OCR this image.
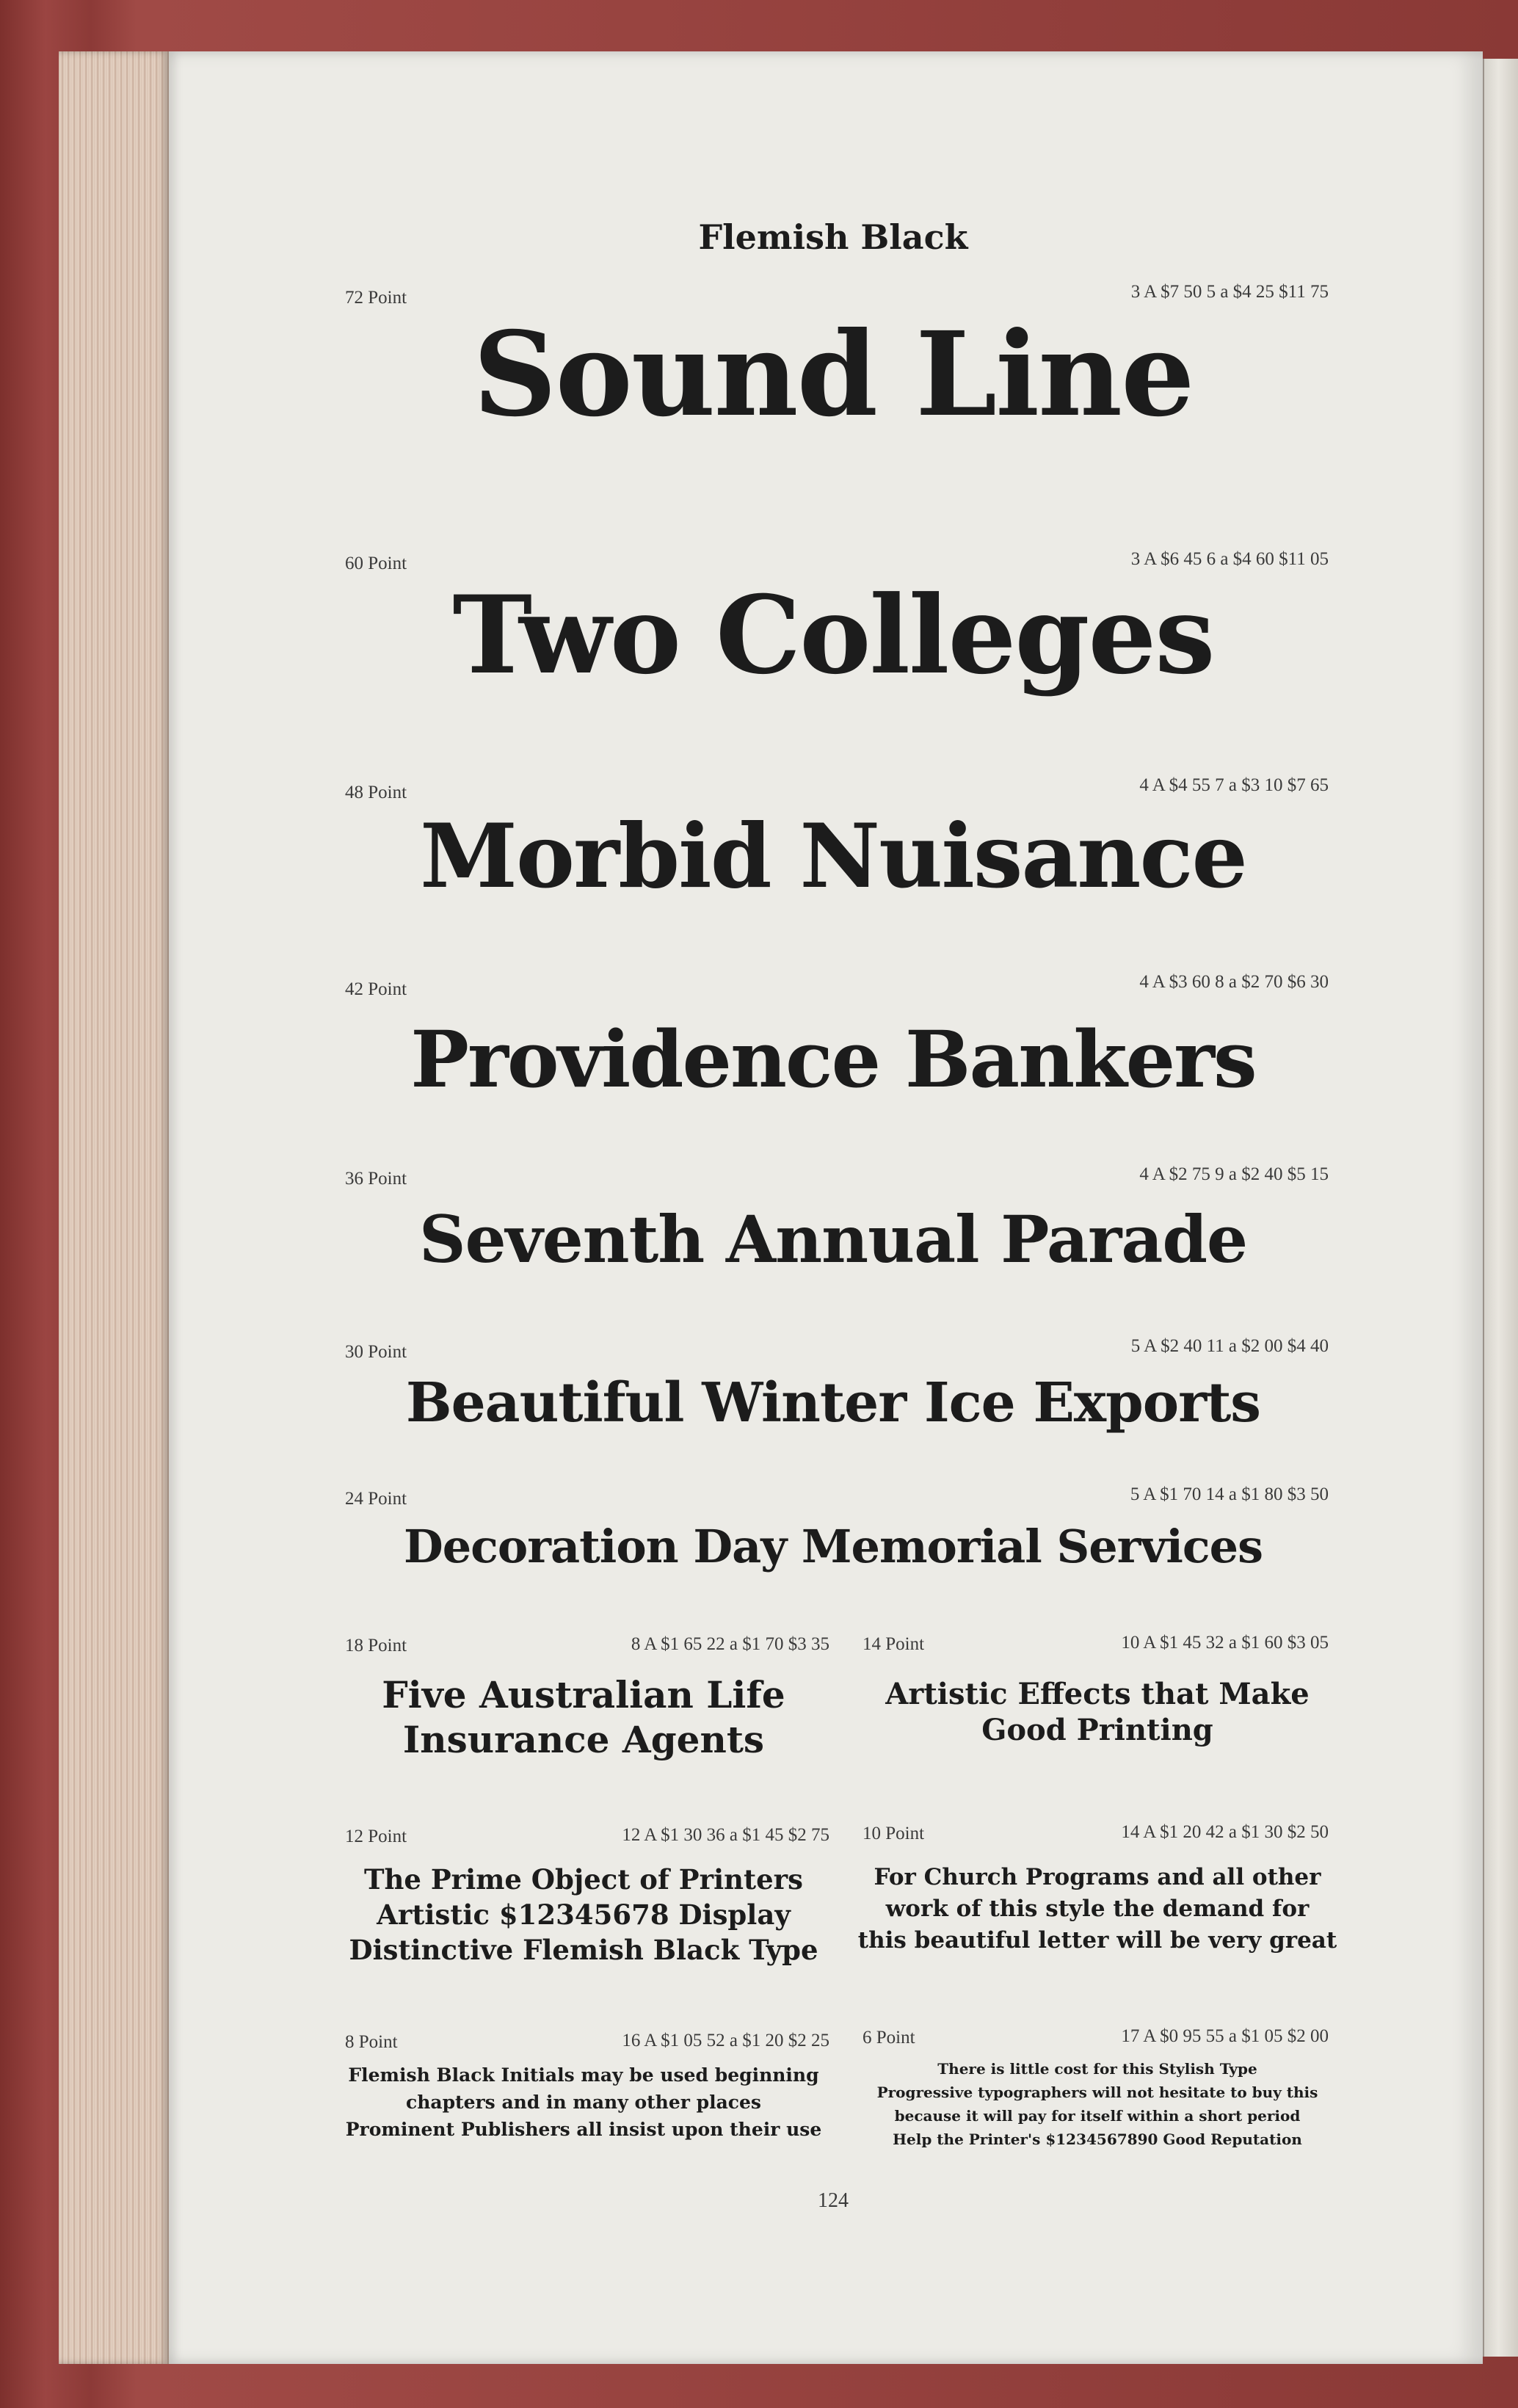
Flemish Black
72 Point	3 A $7 50 5 a $4 25 $11 75
Sound Line
60 Point	3 A $6 45 6 a $4 60 $11 05
Two Colleges
48 Point	4 A $4 55 7 a $3 10 $7 65
Morbid Nuisance
42 Point	4 A $3 60 8 a $2 70 $6 30
Providence Bankers
36 Point	4 A $2 75 9 a $2 40 $5 15
Seventh Annual Parade
30 Point	5 A $2 40 11 a $2 00 $4 40
Beautiful Winter Ice Exports
24 Point	5 A $1 70 14 a $1 80 $3 50
Decoration Day Memorial Services
18 Point	8 A $1 65 22 a $1 70 $3 35
Five Australian Life
Insurance Agents
14 Point	10 A $1 45 32 a $1 60 $3 05
Artistic Effects that Make
Good Printing
12 Point	12 A $1 30 36 a $1 45 $2 75
The Prime Object of Printers
Artistic $12345678 Display
Distinctive Flemish Black Type
10 Point	14 A $1 20 42 a $1 30 $2 50
For Church Programs and all other
work of this style the demand for
this beautiful letter will be very great
8 Point	16 A $1 05 52 a $1 20 $2 25
Flemish Black Initials may be used beginning
chapters and in many other places
Prominent Publishers all insist upon their use
6 Point	17 A $0 95 55 a $1 05 $2 00
There is little cost for this Stylish Type
Progressive typographers will not hesitate to buy this
because it will pay for itself within a short period
Help the Printer's $1234567890 Good Reputation
124
